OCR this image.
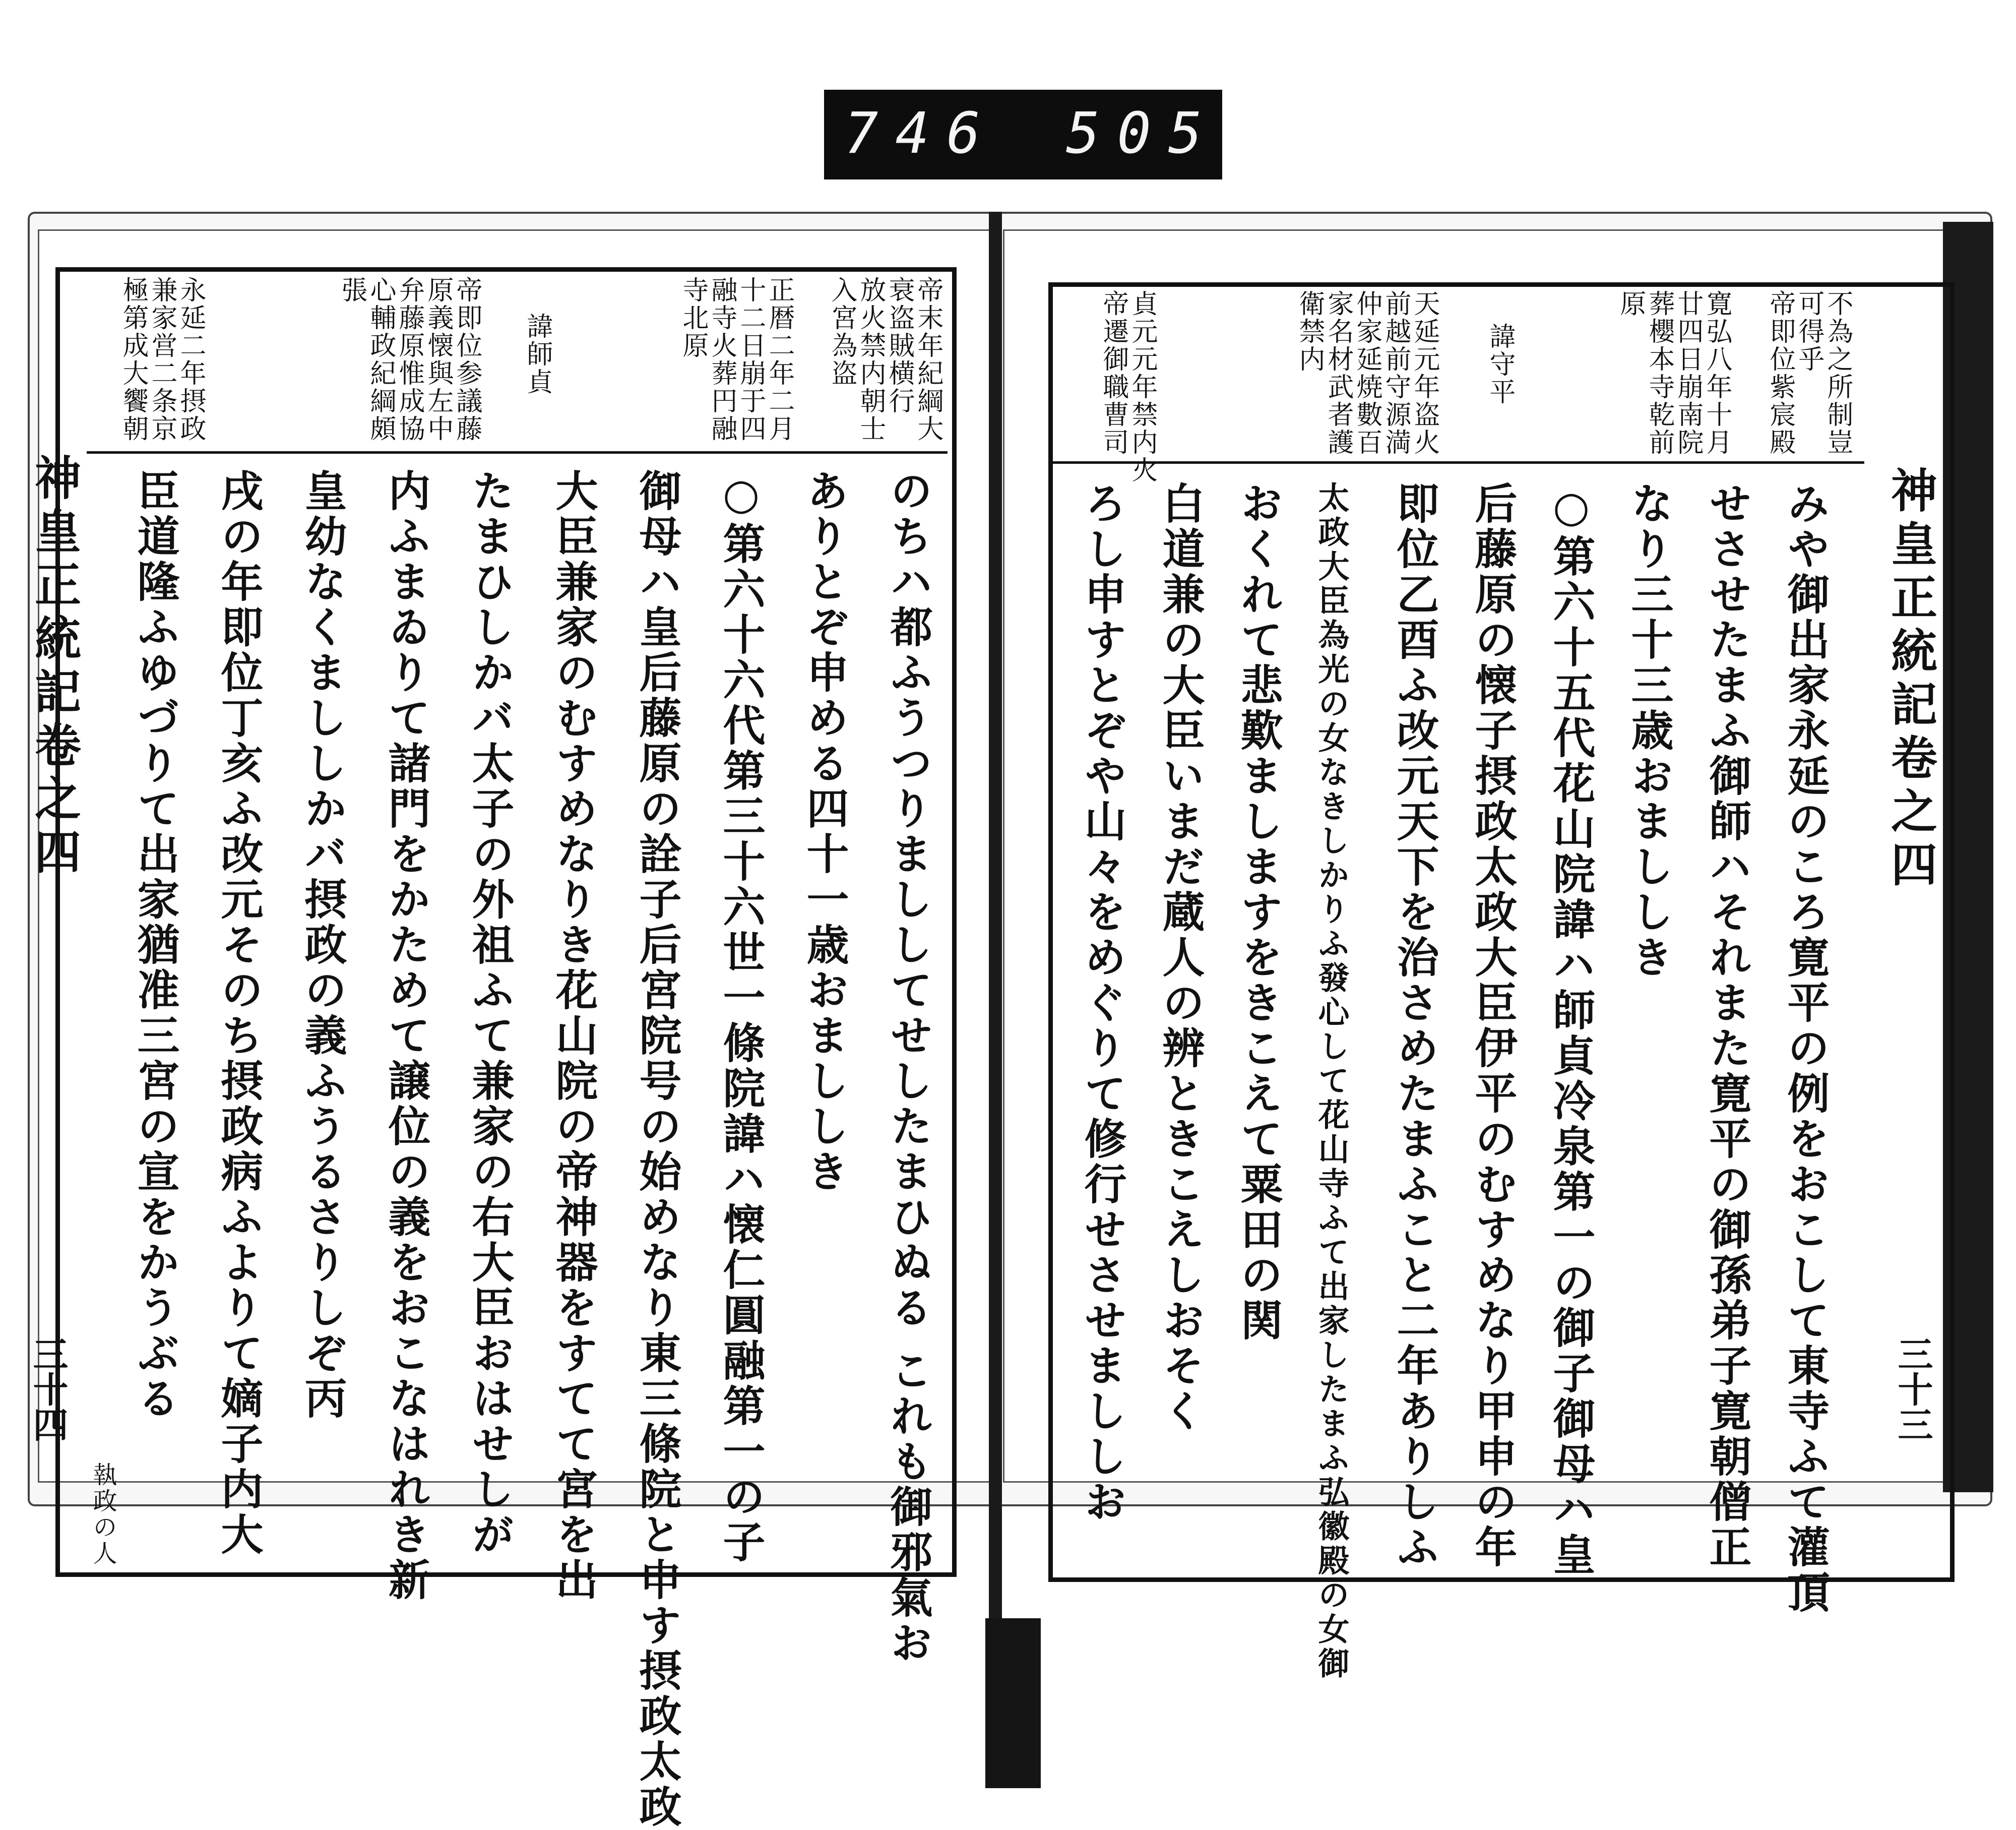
746 505
神皇正統記卷之四
三十四
帝末年紀綱大
衰盗賊横行
放火禁内朝士
入宮為盗
正暦二年二月
十二日崩于四
融寺火葬円融
寺北原
諱師貞
帝即位参議藤
原義懐與左中
弁藤原惟成協
心輔政紀綱頗
張
永延二年摂政
兼家営二条京
極第成大饗朝
のちハ都ふうつりまししてせしたまひぬる これも御邪氣お
ありとぞ申める四十一歳おまししき
○第六十六代第三十六世一條院諱ハ懐仁圓融第一の子
御母ハ皇后藤原の詮子后宮院号の始めなり東三條院と申す摂政太政
大臣兼家のむすめなりき花山院の帝神器をすてて宮を出
たまひしかバ太子の外祖ふて兼家の右大臣おはせしが
内ふまゐりて諸門をかためて譲位の義をおこなはれき新
皇幼なくまししかバ摂政の義ふうるさりしぞ丙
戌の年即位丁亥ふ改元そのち摂政病ふよりて嫡子内大
臣道隆ふゆづりて出家猶准三宮の宣をかうぶる
執政の人
神皇正統記卷之四
三十三
不為之所制豈
可得乎
帝即位紫宸殿
寛弘八年十月
廿四日崩南院
葬櫻本寺乾前
原
諱守平
天延元年盗火
前越前守源満
仲家延焼數百
家名材武者護
衛禁内
貞元元年禁内火
帝遷御職曹司
みや御出家永延のころ寛平の例をおこして東寺ふて灌頂
せさせたまふ御師ハそれまた寛平の御孫弟子寛朝僧正
なり三十三歳おまししき
○第六十五代花山院諱ハ師貞冷泉第一の御子御母ハ皇
后藤原の懐子摂政太政大臣伊平のむすめなり甲申の年
即位乙酉ふ改元天下を治さめたまふこと二年ありしふ
太政大臣為光の女なきしかりふ發心して花山寺ふて出家したまふ弘徽殿の女御
おくれて悲歎ましますをきこえて粟田の関
白道兼の大臣いまだ蔵人の辨ときこえしおそく
ろし申すとぞや山々をめぐりて修行せさせまししお
